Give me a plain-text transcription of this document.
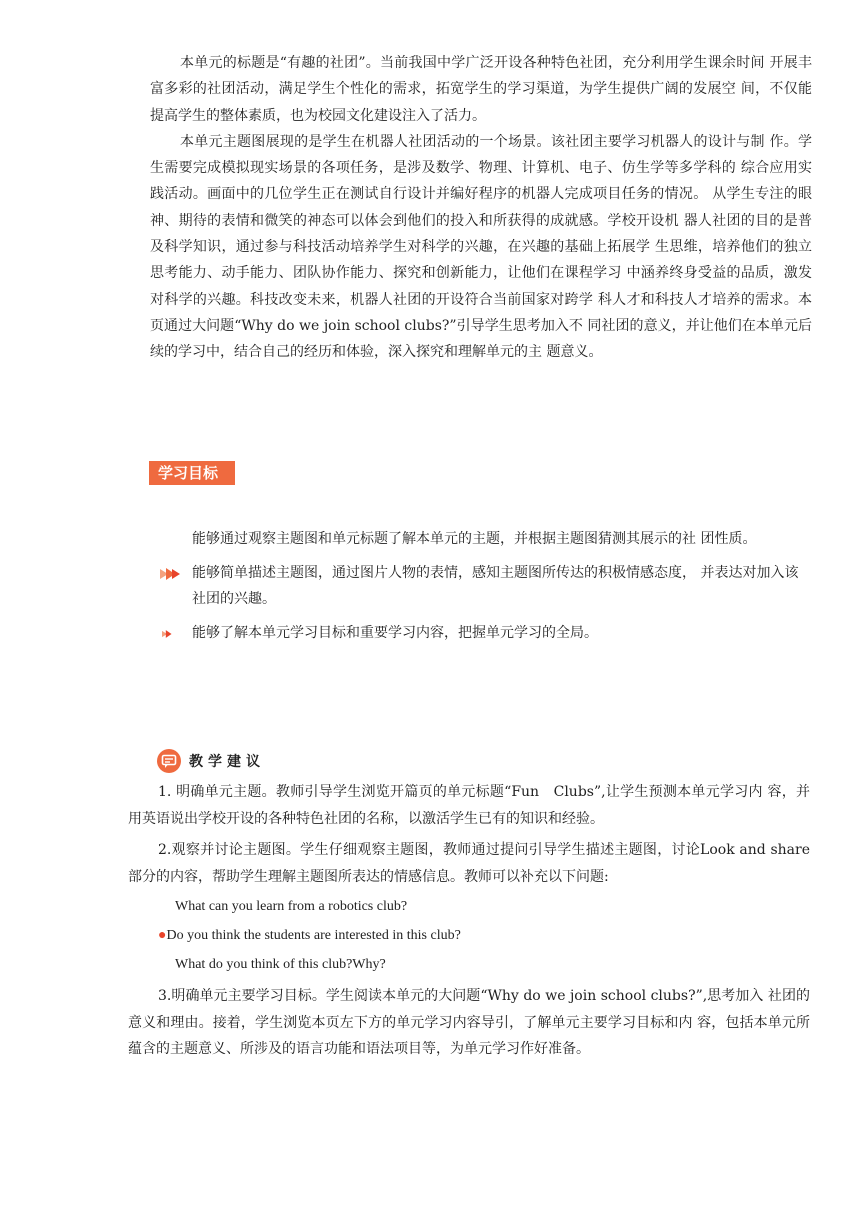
本单元的标题是“有趣的社团”。当前我国中学广泛开设各种特色社团，充分利用学生课余时间 开展丰富多彩的社团活动，满足学生个性化的需求，拓宽学生的学习渠道，为学生提供广阔的发展空 间，不仅能提高学生的整体素质，也为校园文化建设注入了活力。

本单元主题图展现的是学生在机器人社团活动的一个场景。该社团主要学习机器人的设计与制 作。学生需要完成模拟现实场景的各项任务，是涉及数学、物理、计算机、电子、仿生学等多学科的 综合应用实践活动。画面中的几位学生正在测试自行设计并编好程序的机器人完成项目任务的情况。 从学生专注的眼神、期待的表情和微笑的神态可以体会到他们的投入和所获得的成就感。学校开设机 器人社团的目的是普及科学知识，通过参与科技活动培养学生对科学的兴趣，在兴趣的基础上拓展学 生思维，培养他们的独立思考能力、动手能力、团队协作能力、探究和创新能力，让他们在课程学习 中涵养终身受益的品质，激发对科学的兴趣。科技改变未来，机器人社团的开设符合当前国家对跨学 科人才和科技人才培养的需求。本页通过大问题“Why do we join school clubs?”引导学生思考加入不 同社团的意义，并让他们在本单元后续的学习中，结合自己的经历和体验，深入探究和理解单元的主 题意义。

学习目标
能够通过观察主题图和单元标题了解本单元的主题，并根据主题图猜测其展示的社 团性质。
能够简单描述主题图，通过图片人物的表情，感知主题图所传达的积极情感态度， 并表达对加入该社团的兴趣。
能够了解本单元学习目标和重要学习内容，把握单元学习的全局。
教学建议

1. 明确单元主题。教师引导学生浏览开篇页的单元标题“Fun　Clubs”,让学生预测本单元学习内 容，并用英语说出学校开设的各种特色社团的名称，以激活学生已有的知识和经验。

2.观察并讨论主题图。学生仔细观察主题图，教师通过提问引导学生描述主题图，讨论Look and share部分的内容，帮助学生理解主题图所表达的情感信息。教师可以补充以下问题:

What can you learn from a robotics club?

●Do you think the students are interested in this club?

What do you think of this club?Why?

3.明确单元主要学习目标。学生阅读本单元的大问题“Why do we join school clubs?”,思考加入 社团的意义和理由。接着，学生浏览本页左下方的单元学习内容导引，了解单元主要学习目标和内 容，包括本单元所蕴含的主题意义、所涉及的语言功能和语法项目等，为单元学习作好准备。
